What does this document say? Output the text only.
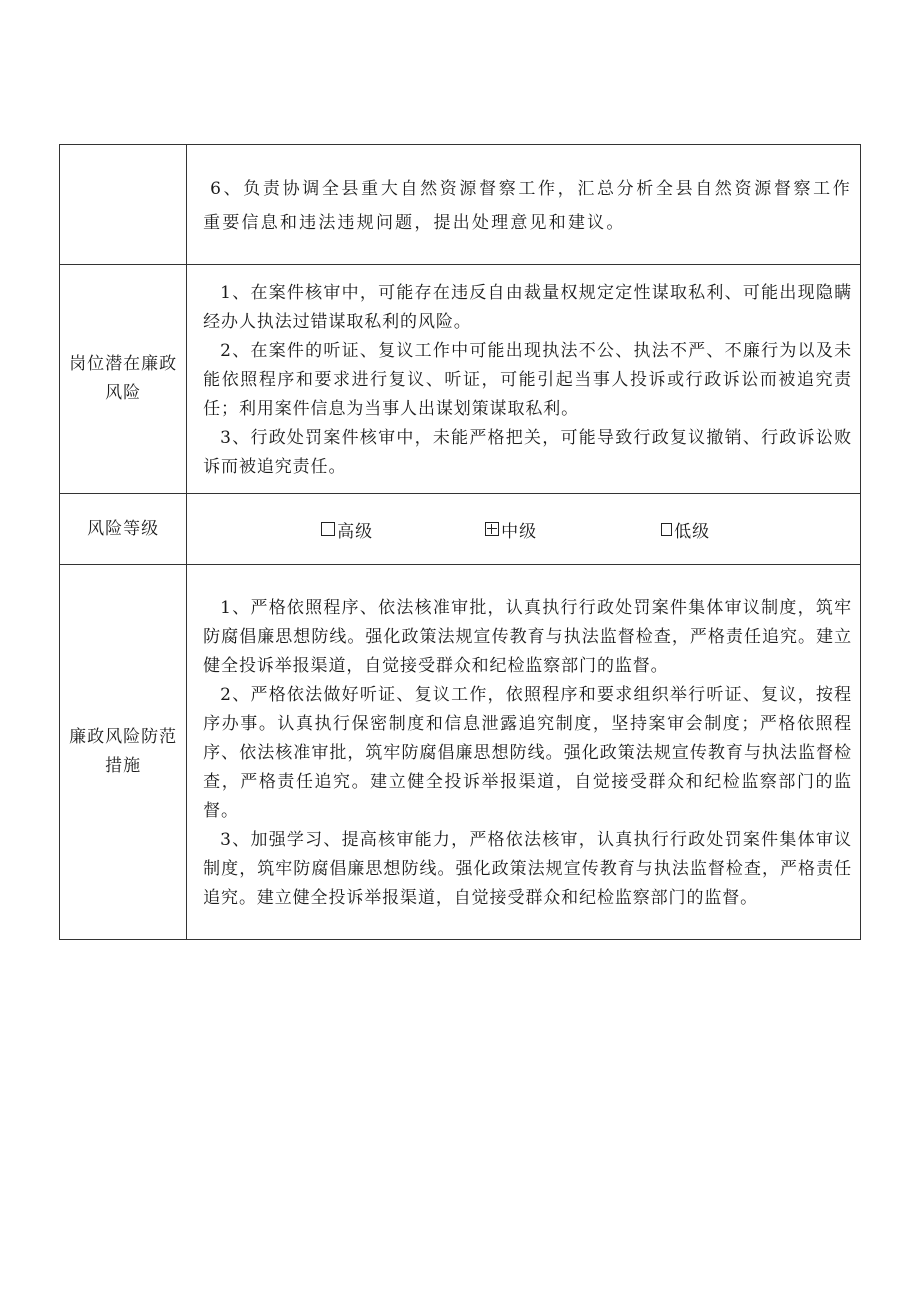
	6、负责协调全县重大自然资源督察工作，汇总分析全县自然资源督察工作重要信息和违法违规问题，提出处理意见和建议。

岗位潜在廉政风险	1、在案件核审中，可能存在违反自由裁量权规定定性谋取私利、可能出现隐瞒经办人执法过错谋取私利的风险。

2、在案件的听证、复议工作中可能出现执法不公、执法不严、不廉行为以及未能依照程序和要求进行复议、听证，可能引起当事人投诉或行政诉讼而被追究责任；利用案件信息为当事人出谋划策谋取私利。

3、行政处罚案件核审中，未能严格把关，可能导致行政复议撤销、行政诉讼败诉而被追究责任。

风险等级	高级 中级 低级

廉政风险防范措施	1、严格依照程序、依法核准审批，认真执行行政处罚案件集体审议制度，筑牢防腐倡廉思想防线。强化政策法规宣传教育与执法监督检查，严格责任追究。建立健全投诉举报渠道，自觉接受群众和纪检监察部门的监督。

2、严格依法做好听证、复议工作，依照程序和要求组织举行听证、复议，按程序办事。认真执行保密制度和信息泄露追究制度，坚持案审会制度；严格依照程序、依法核准审批，筑牢防腐倡廉思想防线。强化政策法规宣传教育与执法监督检查，严格责任追究。建立健全投诉举报渠道，自觉接受群众和纪检监察部门的监督。

3、加强学习、提高核审能力，严格依法核审，认真执行行政处罚案件集体审议制度，筑牢防腐倡廉思想防线。强化政策法规宣传教育与执法监督检查，严格责任追究。建立健全投诉举报渠道，自觉接受群众和纪检监察部门的监督。
